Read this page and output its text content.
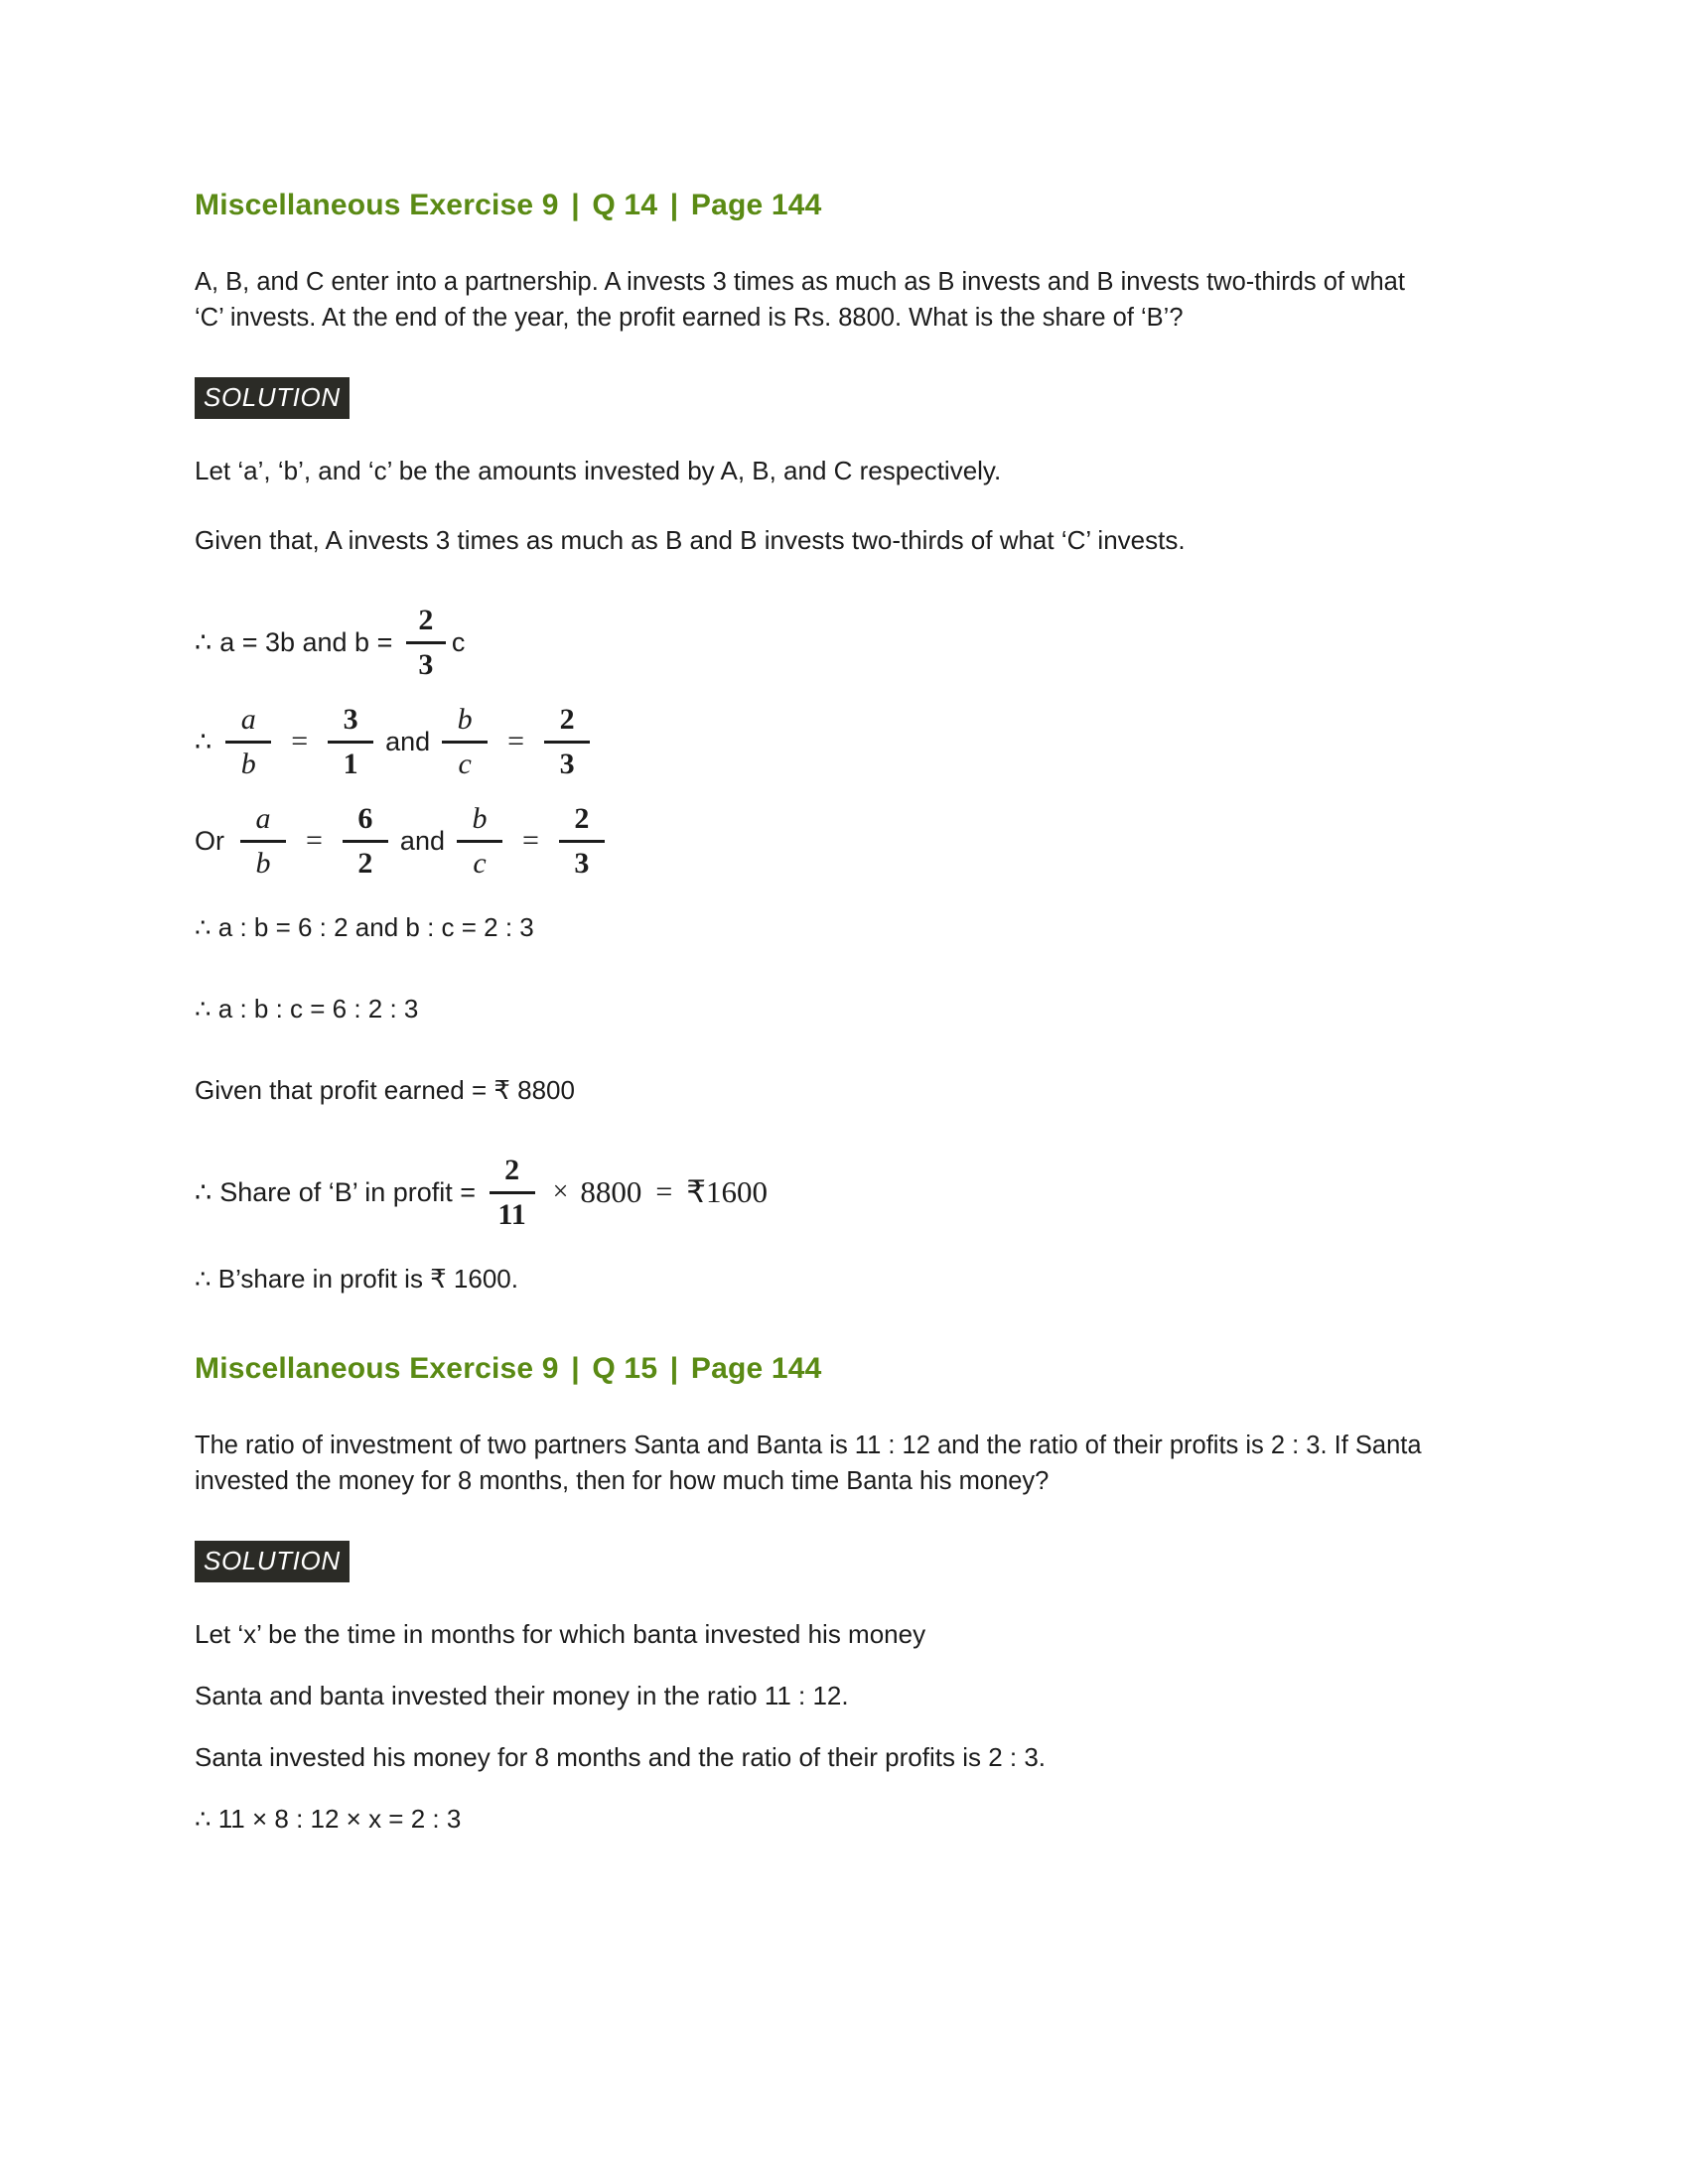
Miscellaneous Exercise 9 | Q 14 | Page 144

A, B, and C enter into a partnership. A invests 3 times as much as B invests and B invests two-thirds of what ‘C’ invests. At the end of the year, the profit earned is Rs. 8800. What is the share of ‘B’?

SOLUTION

Let ‘a’, ‘b’, and ‘c’ be the amounts invested by A, B, and C respectively.

Given that, A invests 3 times as much as B and B invests two-thirds of what ‘C’ invests.

∴ a = 3b and $b = \frac{2}{3}$ c
∴ $\frac{a}{b} = \frac{3}{1}$ and $\frac{b}{c} = \frac{2}{3}$
Or $\frac{a}{b} = \frac{6}{2}$ and $\frac{b}{c} = \frac{2}{3}$

∴ a : b = 6 : 2 and b : c = 2 : 3

∴ a : b : c = 6 : 2 : 3

Given that profit earned = ₹ 8800

∴ Share of ‘B’ in profit = $\frac{2}{11} \times 8800$ = ₹1600

∴ B’share in profit is ₹ 1600.

Miscellaneous Exercise 9 | Q 15 | Page 144

The ratio of investment of two partners Santa and Banta is 11 : 12 and the ratio of their profits is 2 : 3. If Santa invested the money for 8 months, then for how much time Banta his money?

SOLUTION

Let ‘x’ be the time in months for which banta invested his money

Santa and banta invested their money in the ratio 11 : 12.

Santa invested his money for 8 months and the ratio of their profits is 2 : 3.

∴ 11 × 8 : 12 × x = 2 : 3
